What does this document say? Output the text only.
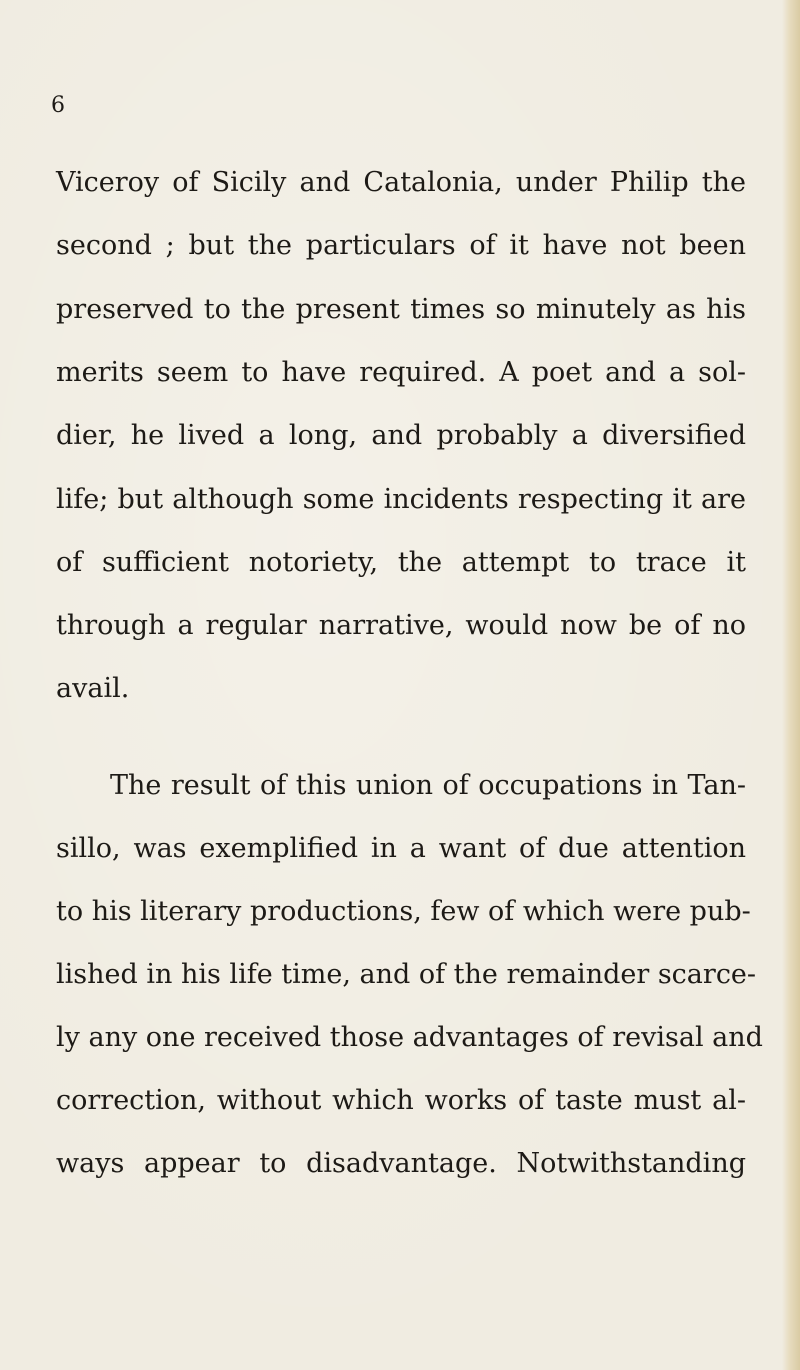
6

Viceroy of Sicily and Catalonia, under Philip the

second ; but the particulars of it have not been

preserved to the present times so minutely as his

merits seem to have required. A poet and a sol-

dier, he lived a long, and probably a diversified

life; but although some incidents respecting it are

of sufficient notoriety, the attempt to trace it

through a regular narrative, would now be of no

avail.

The result of this union of occupations in Tan-

sillo, was exemplified in a want of due attention

to his literary productions, few of which were pub-

lished in his life time, and of the remainder scarce-

ly any one received those advantages of revisal and

correction, without which works of taste must al-

ways appear to disadvantage. Notwithstanding
